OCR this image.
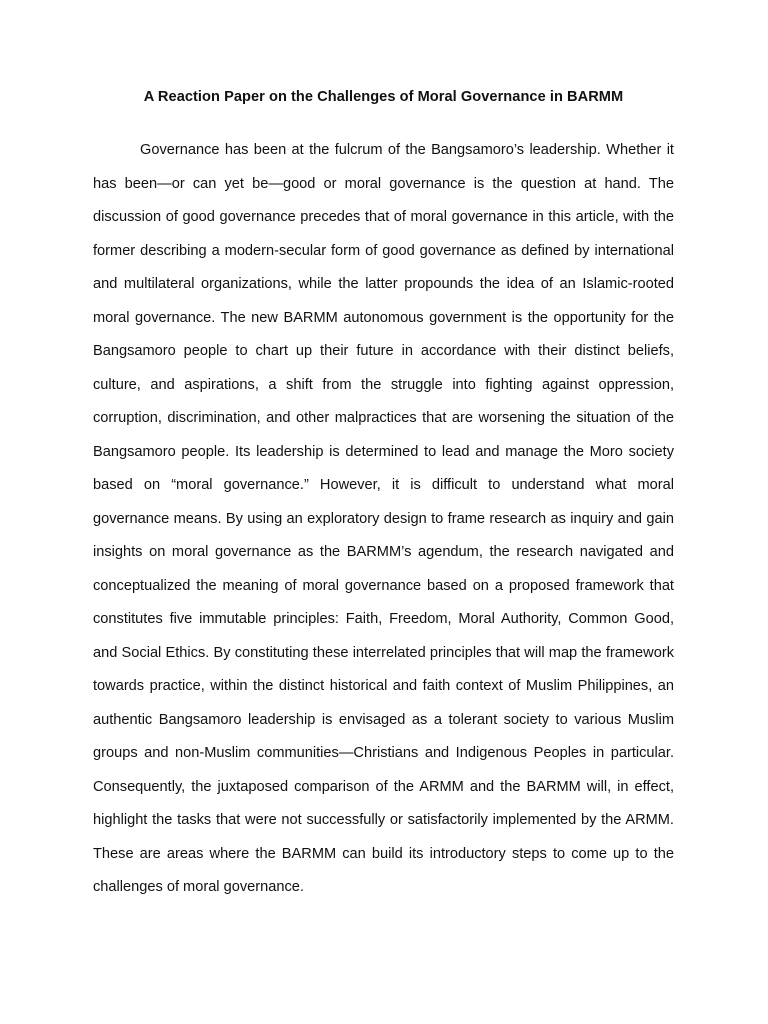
A Reaction Paper on the Challenges of Moral Governance in BARMM

Governance has been at the fulcrum of the Bangsamoro’s leadership. Whether it has been—or can yet be—good or moral governance is the question at hand. The discussion of good governance precedes that of moral governance in this article, with the former describing a modern-secular form of good governance as defined by international and multilateral organizations, while the latter propounds the idea of an Islamic-rooted moral governance. The new BARMM autonomous government is the opportunity for the Bangsamoro people to chart up their future in accordance with their distinct beliefs, culture, and aspirations, a shift from the struggle into fighting against oppression, corruption, discrimination, and other malpractices that are worsening the situation of the Bangsamoro people. Its leadership is determined to lead and manage the Moro society based on “moral governance.” However, it is difficult to understand what moral governance means. By using an exploratory design to frame research as inquiry and gain insights on moral governance as the BARMM’s agendum, the research navigated and conceptualized the meaning of moral governance based on a proposed framework that constitutes five immutable principles: Faith, Freedom, Moral Authority, Common Good, and Social Ethics. By constituting these interrelated principles that will map the framework towards practice, within the distinct historical and faith context of Muslim Philippines, an authentic Bangsamoro leadership is envisaged as a tolerant society to various Muslim groups and non-Muslim communities—Christians and Indigenous Peoples in particular. Consequently, the juxtaposed comparison of the ARMM and the BARMM will, in effect, highlight the tasks that were not successfully or satisfactorily implemented by the ARMM. These are areas where the BARMM can build its introductory steps to come up to the challenges of moral governance.
